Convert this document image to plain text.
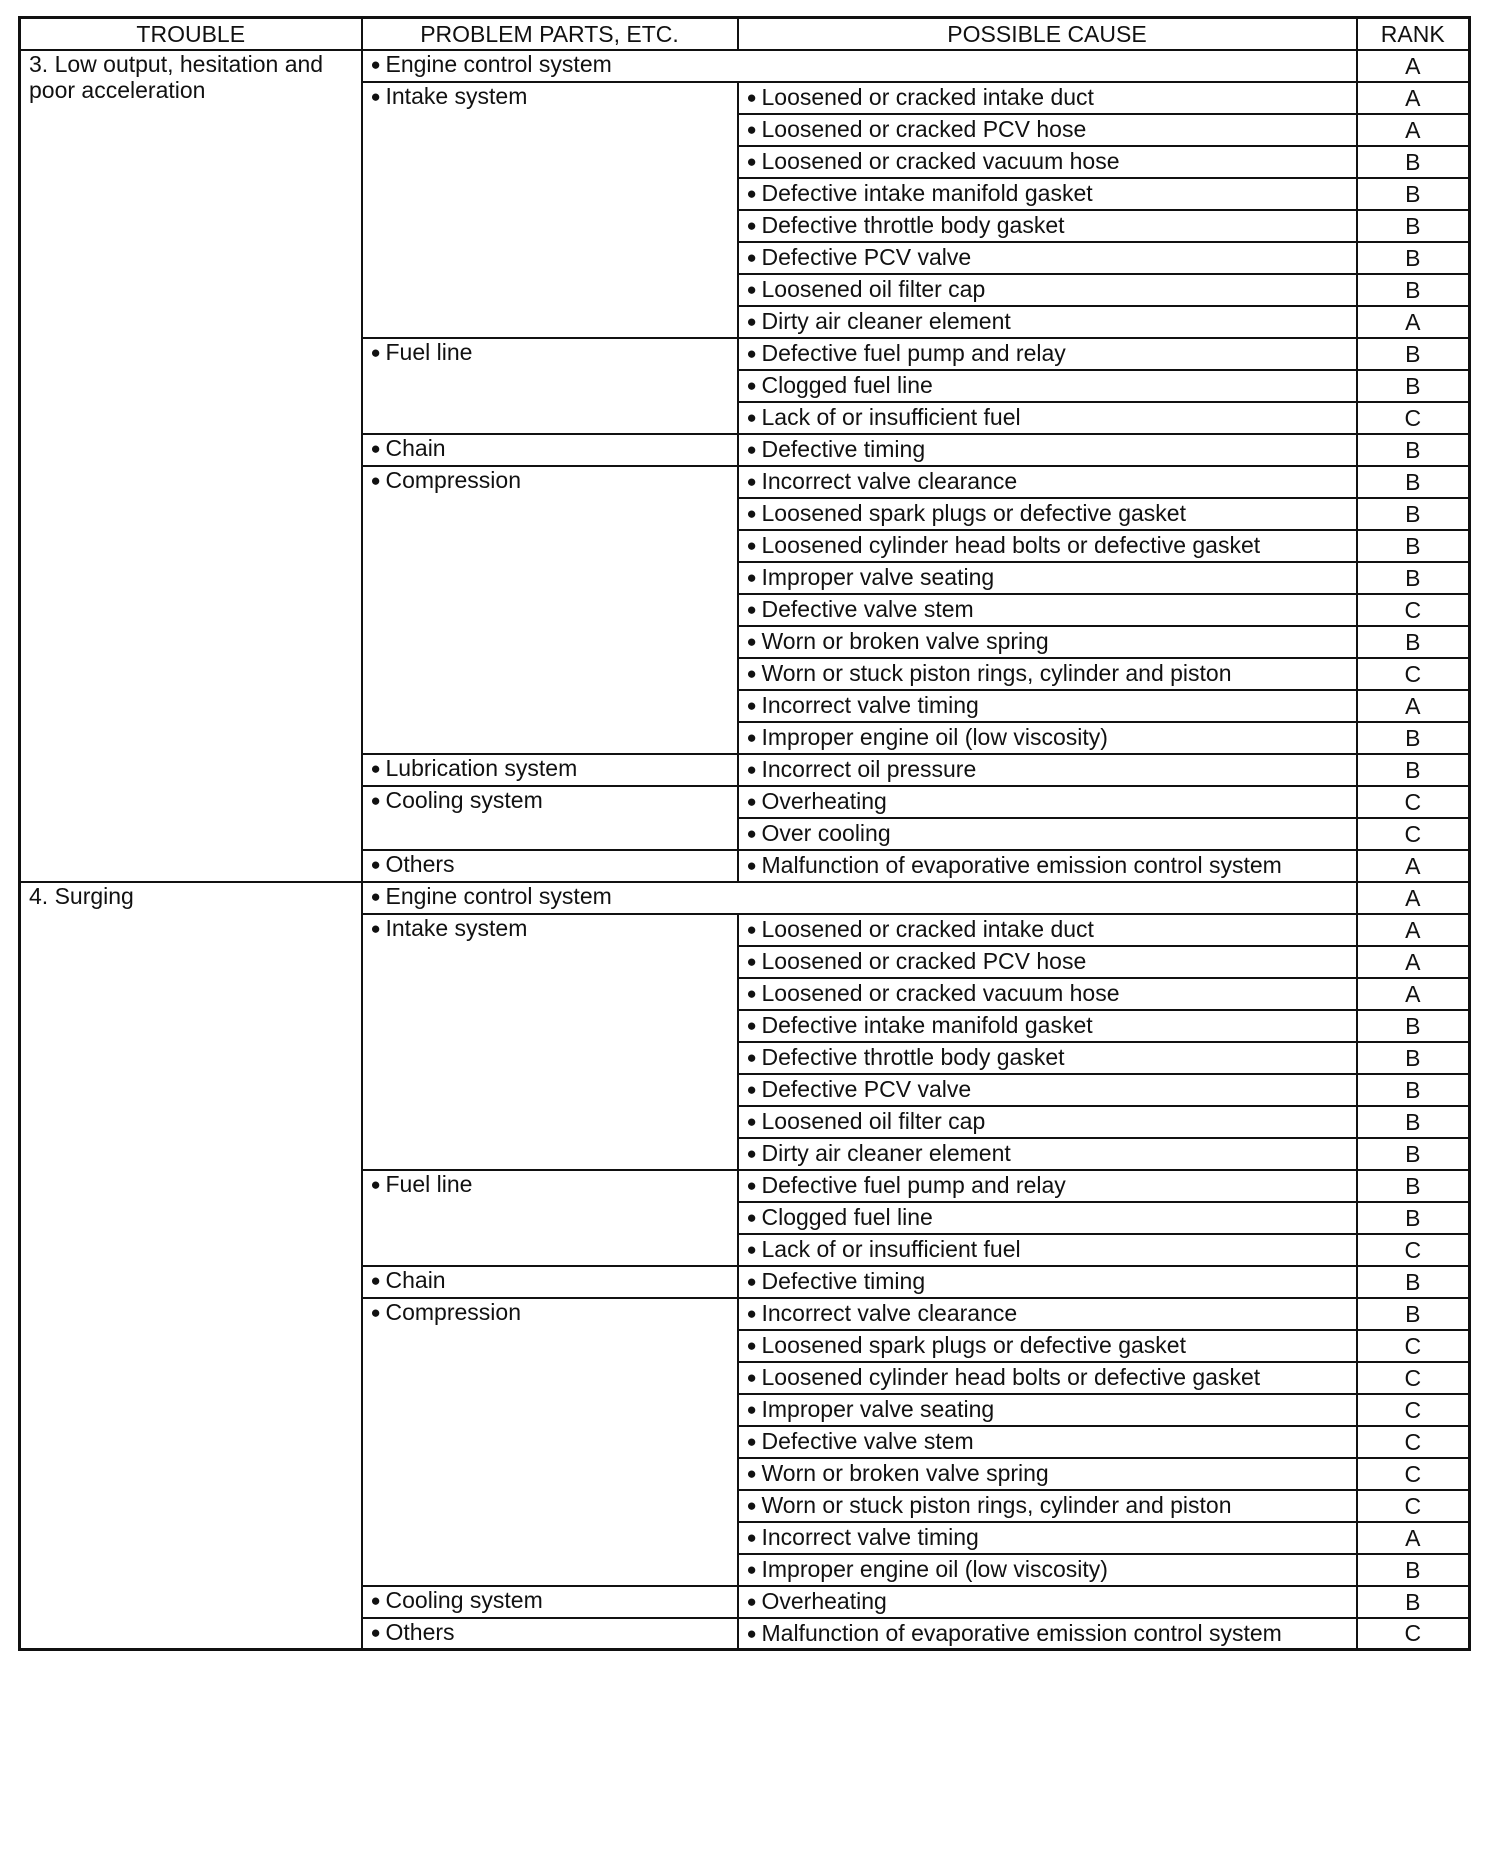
TROUBLE	PROBLEM PARTS, ETC.	POSSIBLE CAUSE	RANK
3. Low output, hesitation and poor acceleration	● Engine control system		A
	● Intake system	● Loosened or cracked intake duct	A
		● Loosened or cracked PCV hose	A
		● Loosened or cracked vacuum hose	B
		● Defective intake manifold gasket	B
		● Defective throttle body gasket	B
		● Defective PCV valve	B
		● Loosened oil filter cap	B
		● Dirty air cleaner element	A
	● Fuel line	● Defective fuel pump and relay	B
		● Clogged fuel line	B
		● Lack of or insufficient fuel	C
	● Chain	● Defective timing	B
	● Compression	● Incorrect valve clearance	B
		● Loosened spark plugs or defective gasket	B
		● Loosened cylinder head bolts or defective gasket	B
		● Improper valve seating	B
		● Defective valve stem	C
		● Worn or broken valve spring	B
		● Worn or stuck piston rings, cylinder and piston	C
		● Incorrect valve timing	A
		● Improper engine oil (low viscosity)	B
	● Lubrication system	● Incorrect oil pressure	B
	● Cooling system	● Overheating	C
		● Over cooling	C
	● Others	● Malfunction of evaporative emission control system	A
4. Surging	● Engine control system		A
	● Intake system	● Loosened or cracked intake duct	A
		● Loosened or cracked PCV hose	A
		● Loosened or cracked vacuum hose	A
		● Defective intake manifold gasket	B
		● Defective throttle body gasket	B
		● Defective PCV valve	B
		● Loosened oil filter cap	B
		● Dirty air cleaner element	B
	● Fuel line	● Defective fuel pump and relay	B
		● Clogged fuel line	B
		● Lack of or insufficient fuel	C
	● Chain	● Defective timing	B
	● Compression	● Incorrect valve clearance	B
		● Loosened spark plugs or defective gasket	C
		● Loosened cylinder head bolts or defective gasket	C
		● Improper valve seating	C
		● Defective valve stem	C
		● Worn or broken valve spring	C
		● Worn or stuck piston rings, cylinder and piston	C
		● Incorrect valve timing	A
		● Improper engine oil (low viscosity)	B
	● Cooling system	● Overheating	B
	● Others	● Malfunction of evaporative emission control system	C
